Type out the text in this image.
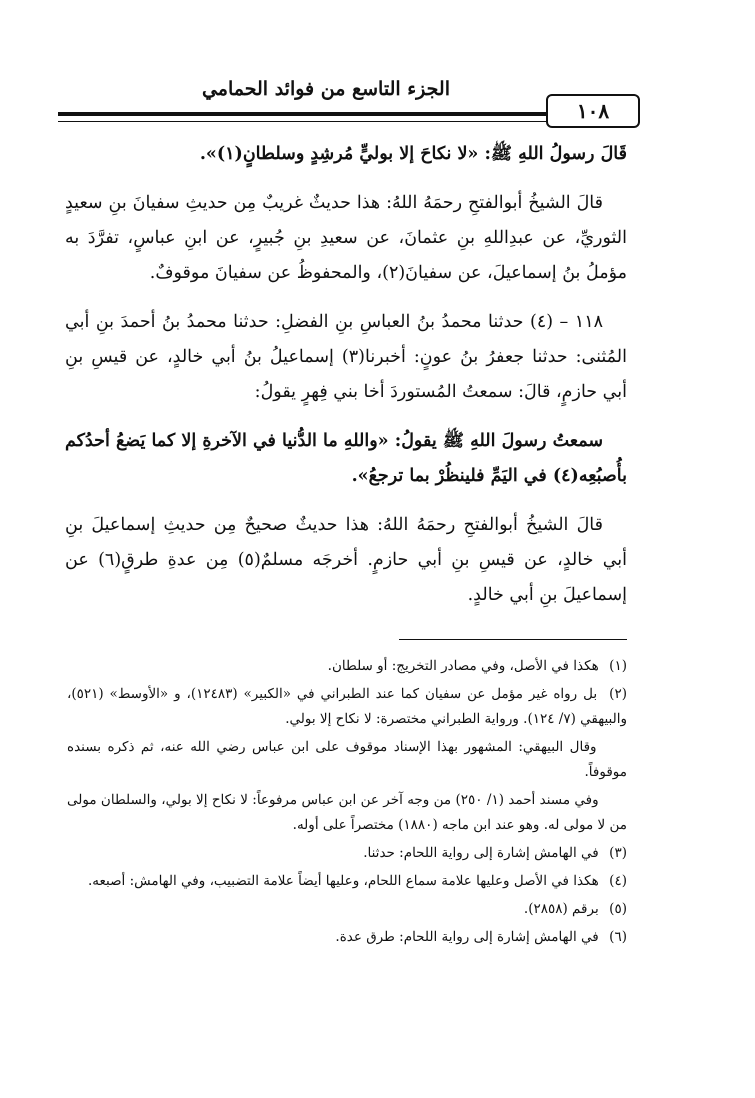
الجزء التاسع من فوائد الحمامي
١٠٨

قَالَ رسولُ اللهِ ﷺ: «لا نكاحَ إلا بوليٍّ مُرشِدٍ وسلطانٍ(١)».

قالَ الشيخُ أبوالفتحِ رحمَهُ اللهُ: هذا حديثٌ غريبٌ مِن حديثِ سفيانَ بنِ سعيدٍ الثوريِّ، عن عبدِاللهِ بنِ عثمانَ، عن سعيدِ بنِ جُبيرٍ، عن ابنِ عباسٍ، تفرَّدَ به مؤملُ بنُ إسماعيلَ، عن سفيانَ(٢)، والمحفوظُ عن سفيانَ موقوفٌ.

١١٨ – (٤) حدثنا محمدُ بنُ العباسِ بنِ الفضلِ: حدثنا محمدُ بنُ أحمدَ بنِ أبي المُثنى: حدثنا جعفرُ بنُ عونٍ: أخبرنا(٣) إسماعيلُ بنُ أبي خالدٍ، عن قيسِ بنِ أبي حازمٍ، قالَ: سمعتُ المُستوردَ أخا بني فِهرٍ يقولُ:

سمعتُ رسولَ اللهِ ﷺ يقولُ: «واللهِ ما الدُّنيا في الآخرةِ إلا كما يَضعُ أحدُكم بأُصبُعِه(٤) في اليَمِّ فلينظُرْ بما ترجعُ».

قالَ الشيخُ أبوالفتحِ رحمَهُ اللهُ: هذا حديثٌ صحيحٌ مِن حديثِ إسماعيلَ بنِ أبي خالدٍ، عن قيسِ بنِ أبي حازمٍ. أخرجَه مسلمٌ(٥) مِن عدةِ طرقٍ(٦) عن إسماعيلَ بنِ أبي خالدٍ.

(١) هكذا في الأصل، وفي مصادر التخريج: أو سلطان.
(٢) بل رواه غير مؤمل عن سفيان كما عند الطبراني في «الكبير» (١٢٤٨٣)، و «الأوسط» (٥٢١)، والبيهقي (٧/ ١٢٤). ورواية الطبراني مختصرة: لا نكاح إلا بولي.
وقال البيهقي: المشهور بهذا الإسناد موقوف على ابن عباس رضي الله عنه، ثم ذكره بسنده موقوفاً.
وفي مسند أحمد (١/ ٢٥٠) من وجه آخر عن ابن عباس مرفوعاً: لا نكاح إلا بولي، والسلطان مولى من لا مولى له. وهو عند ابن ماجه (١٨٨٠) مختصراً على أوله.
(٣) في الهامش إشارة إلى رواية اللحام: حدثنا.
(٤) هكذا في الأصل وعليها علامة سماع اللحام، وعليها أيضاً علامة التضبيب، وفي الهامش: أصبعه.
(٥) برقم (٢٨٥٨).
(٦) في الهامش إشارة إلى رواية اللحام: طرق عدة.
